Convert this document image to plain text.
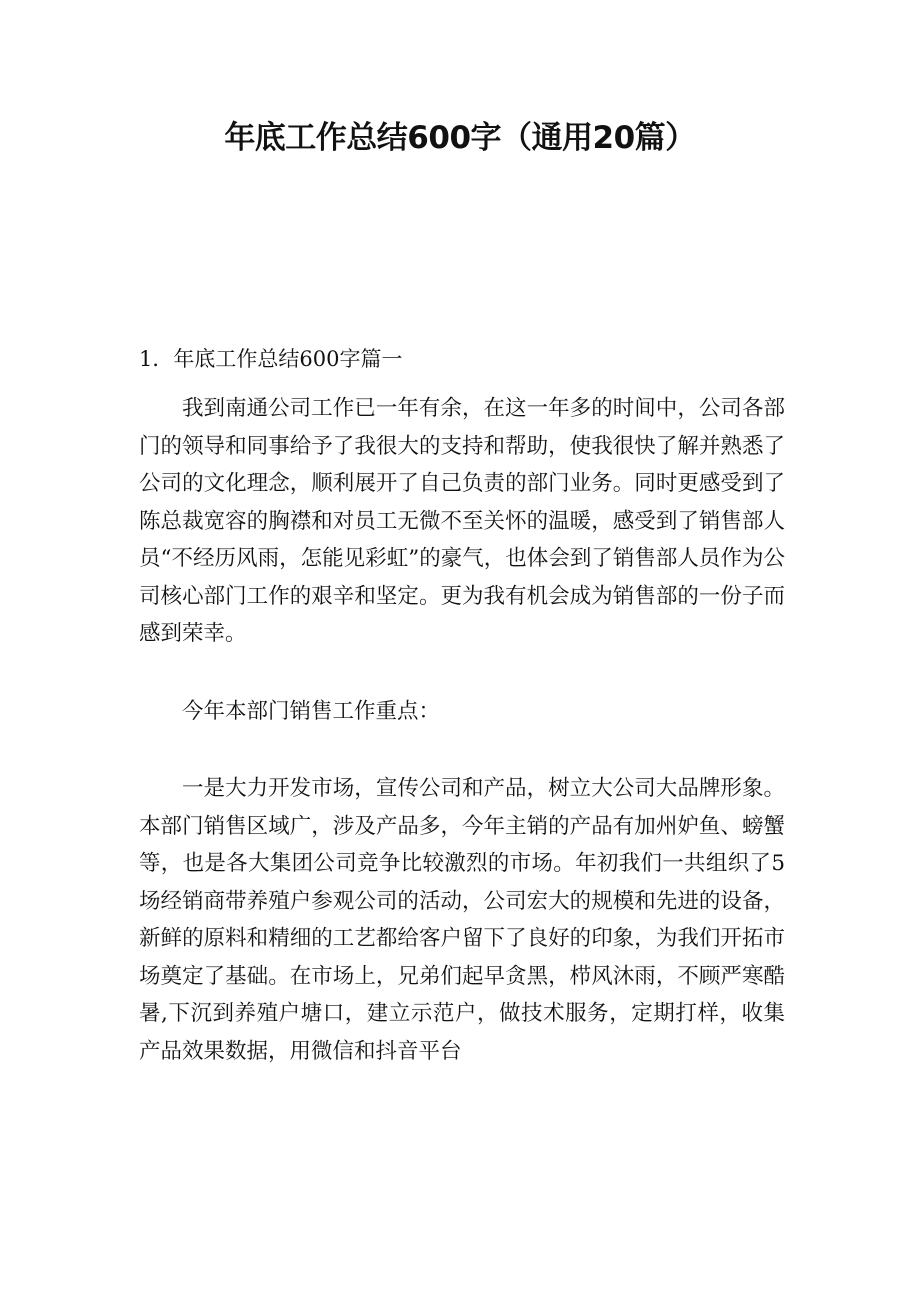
年底工作总结600字（通用20篇）

1．年底工作总结600字篇一

我到南通公司工作已一年有余，在这一年多的时间中，公司各部门的领导和同事给予了我很大的支持和帮助，使我很快了解并熟悉了公司的文化理念，顺利展开了自己负责的部门业务。同时更感受到了陈总裁宽容的胸襟和对员工无微不至关怀的温暖，感受到了销售部人员“不经历风雨，怎能见彩虹”的豪气，也体会到了销售部人员作为公司核心部门工作的艰辛和坚定。更为我有机会成为销售部的一份子而感到荣幸。

今年本部门销售工作重点：

一是大力开发市场，宣传公司和产品，树立大公司大品牌形象。本部门销售区域广，涉及产品多，今年主销的产品有加州妒鱼、螃蟹等，也是各大集团公司竞争比较激烈的市场。年初我们一共组织了5场经销商带养殖户参观公司的活动，公司宏大的规模和先进的设备，新鲜的原料和精细的工艺都给客户留下了良好的印象，为我们开拓市场奠定了基础。在市场上，兄弟们起早贪黑，栉风沐雨，不顾严寒酷暑,下沉到养殖户塘口，建立示范户，做技术服务，定期打样，收集产品效果数据，用微信和抖音平台
